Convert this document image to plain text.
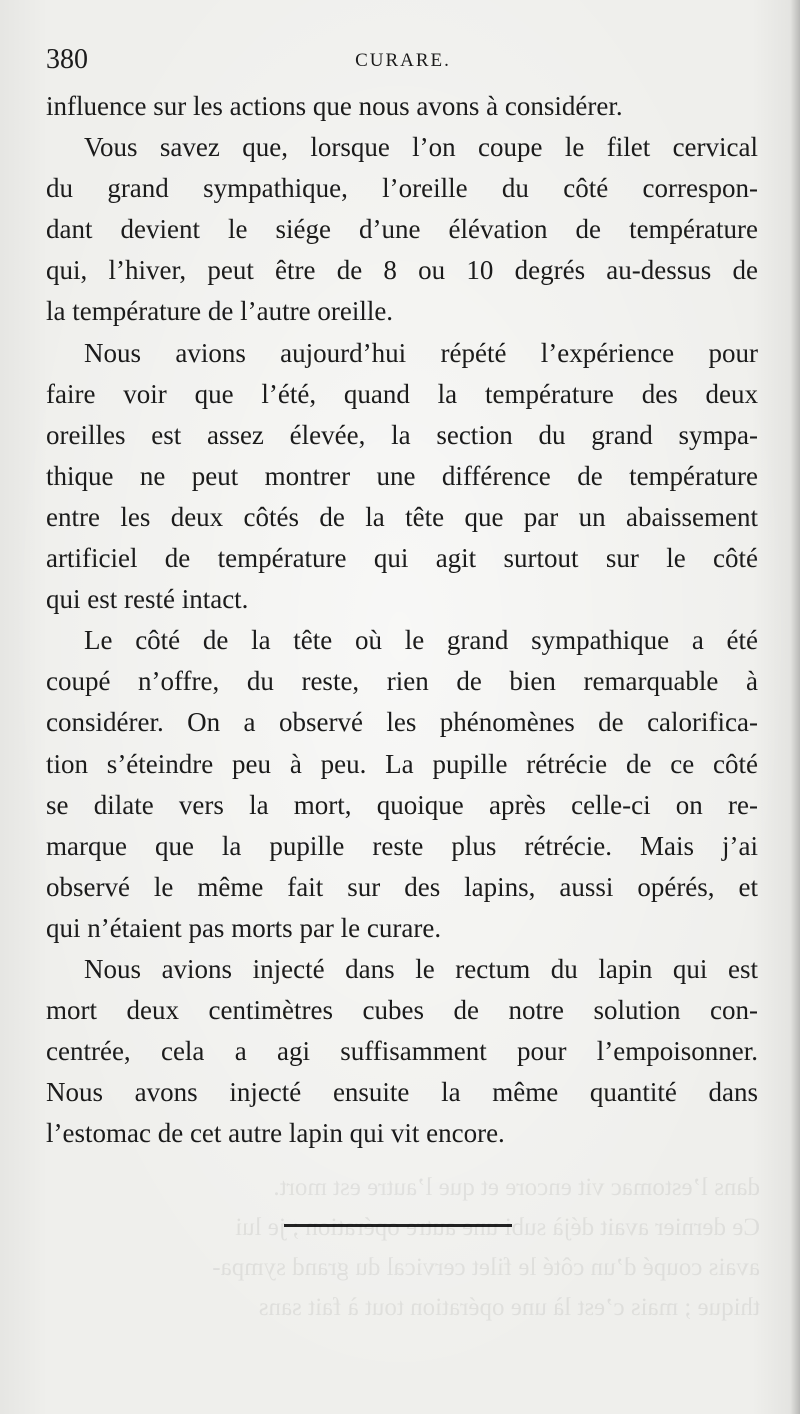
380	CURARE.
influence sur les actions que nous avons à considérer.
Vous savez que, lorsque l’on coupe le filet cervical
du grand sympathique, l’oreille du côté correspon-
dant devient le siége d’une élévation de température
qui, l’hiver, peut être de 8 ou 10 degrés au-dessus de
la température de l’autre oreille.
Nous avions aujourd’hui répété l’expérience pour
faire voir que l’été, quand la température des deux
oreilles est assez élevée, la section du grand sympa-
thique ne peut montrer une différence de température
entre les deux côtés de la tête que par un abaissement
artificiel de température qui agit surtout sur le côté
qui est resté intact.
Le côté de la tête où le grand sympathique a été
coupé n’offre, du reste, rien de bien remarquable à
considérer. On a observé les phénomènes de calorifica-
tion s’éteindre peu à peu. La pupille rétrécie de ce côté
se dilate vers la mort, quoique après celle-ci on re-
marque que la pupille reste plus rétrécie. Mais j’ai
observé le même fait sur des lapins, aussi opérés, et
qui n’étaient pas morts par le curare.
Nous avions injecté dans le rectum du lapin qui est
mort deux centimètres cubes de notre solution con-
centrée, cela a agi suffisamment pour l’empoisonner.
Nous avons injecté ensuite la même quantité dans
l’estomac de cet autre lapin qui vit encore.
dans l’estomac vit encore et que l’autre est mort.
Ce dernier avait déjà subi une autre opération ; je lui
avais coupé d’un côté le filet cervical du grand sympa-
thique ; mais c’est là une opération tout à fait sans
